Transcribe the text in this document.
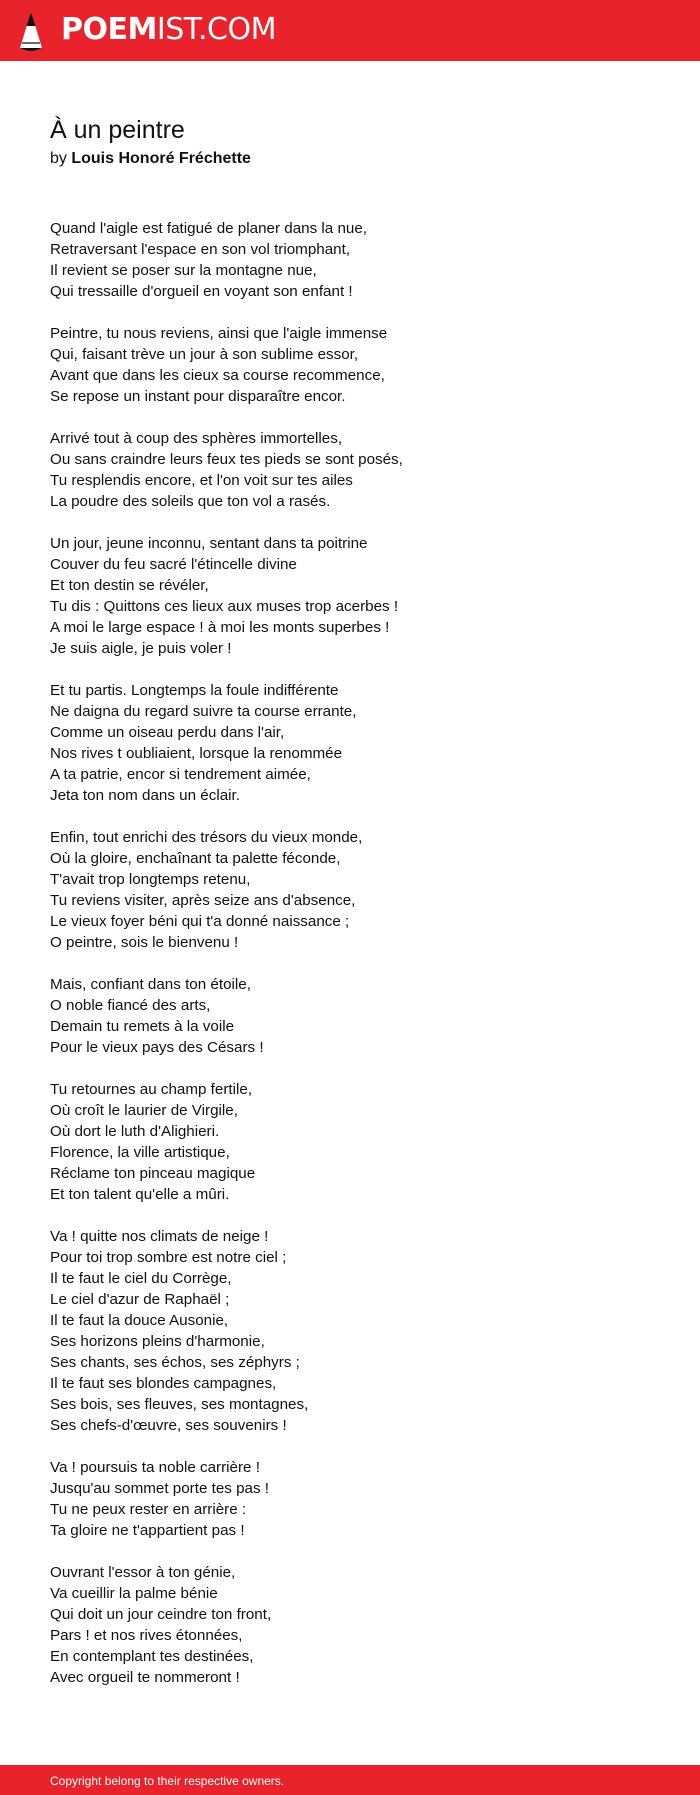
POEMIST.COM
À un peintre
by Louis Honoré Fréchette
Quand l'aigle est fatigué de planer dans la nue,
Retraversant l'espace en son vol triomphant,
Il revient se poser sur la montagne nue,
Qui tressaille d'orgueil en voyant son enfant !
Peintre, tu nous reviens, ainsi que l'aigle immense
Qui, faisant trève un jour à son sublime essor,
Avant que dans les cieux sa course recommence,
Se repose un instant pour disparaître encor.
Arrivé tout à coup des sphères immortelles,
Ou sans craindre leurs feux tes pieds se sont posés,
Tu resplendis encore, et l'on voit sur tes ailes
La poudre des soleils que ton vol a rasés.
Un jour, jeune inconnu, sentant dans ta poitrine
Couver du feu sacré l'étincelle divine
Et ton destin se révéler,
Tu dis : Quittons ces lieux aux muses trop acerbes !
A moi le large espace ! à moi les monts superbes !
Je suis aigle, je puis voler !
Et tu partis. Longtemps la foule indifférente
Ne daigna du regard suivre ta course errante,
Comme un oiseau perdu dans l'air,
Nos rives t oubliaient, lorsque la renommée
A ta patrie, encor si tendrement aimée,
Jeta ton nom dans un éclair.
Enfin, tout enrichi des trésors du vieux monde,
Où la gloire, enchaînant ta palette féconde,
T'avait trop longtemps retenu,
Tu reviens visiter, après seize ans d'absence,
Le vieux foyer béni qui t'a donné naissance ;
O peintre, sois le bienvenu !
Mais, confiant dans ton étoile,
O noble fiancé des arts,
Demain tu remets à la voile
Pour le vieux pays des Césars !
Tu retournes au champ fertile,
Où croît le laurier de Virgile,
Où dort le luth d'Alighieri.
Florence, la ville artistique,
Réclame ton pinceau magique
Et ton talent qu'elle a mûri.
Va ! quitte nos climats de neige !
Pour toi trop sombre est notre ciel ;
Il te faut le ciel du Corrège,
Le ciel d'azur de Raphaël ;
Il te faut la douce Ausonie,
Ses horizons pleins d'harmonie,
Ses chants, ses échos, ses zéphyrs ;
Il te faut ses blondes campagnes,
Ses bois, ses fleuves, ses montagnes,
Ses chefs-d'œuvre, ses souvenirs !
Va ! poursuis ta noble carrière !
Jusqu'au sommet porte tes pas !
Tu ne peux rester en arrière :
Ta gloire ne t'appartient pas !
Ouvrant l'essor à ton génie,
Va cueillir la palme bénie
Qui doit un jour ceindre ton front,
Pars ! et nos rives étonnées,
En contemplant tes destinées,
Avec orgueil te nommeront !
Copyright belong to their respective owners.
